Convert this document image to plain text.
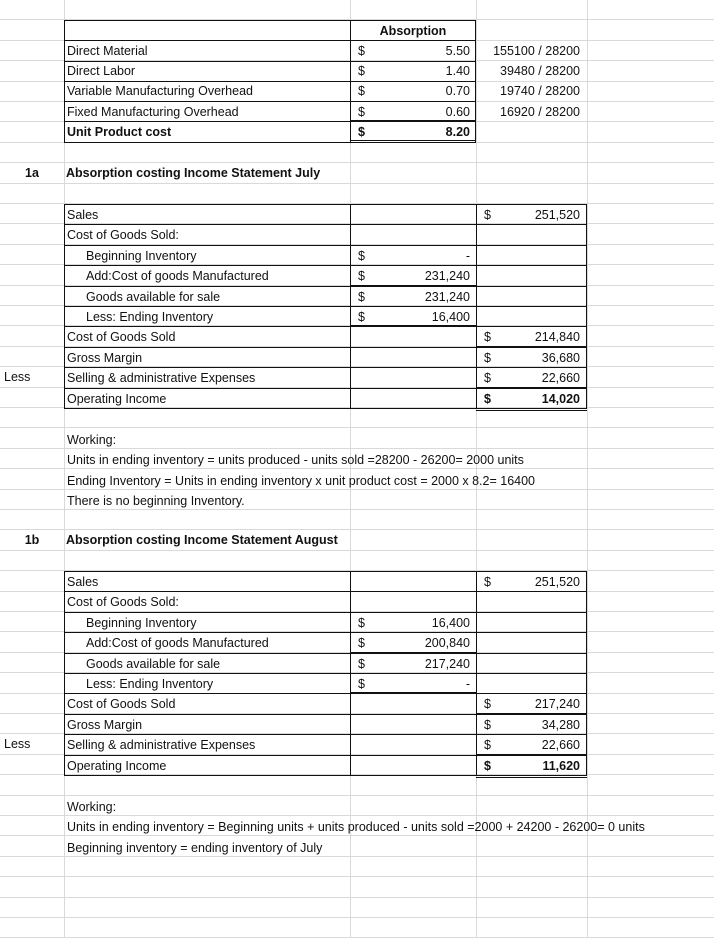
Absorption
Direct Material	$	5.50	155100 / 28200
Direct Labor	$	1.40	39480 / 28200
Variable Manufacturing Overhead	$	0.70	19740 / 28200
Fixed Manufacturing Overhead	$	0.60	16920 / 28200
Unit Product cost	$	8.20
1a	Absorption costing Income Statement July
Less
Sales	$	251,520
Cost of Goods Sold:
Beginning Inventory	$	-
Add:Cost of goods Manufactured	$	231,240
Goods available for sale	$	231,240
Less: Ending Inventory	$	16,400
Cost of Goods Sold	$	214,840
Gross Margin	$	36,680
Selling & administrative Expenses	$	22,660
Operating Income	$	14,020
Working:
Units in ending inventory = units produced - units sold =28200 - 26200= 2000 units
Ending Inventory = Units in ending inventory x unit product cost = 2000 x 8.2= 16400
There is no beginning Inventory.
1b	Absorption costing Income Statement August
Less
Sales	$	251,520
Cost of Goods Sold:
Beginning Inventory	$	16,400
Add:Cost of goods Manufactured	$	200,840
Goods available for sale	$	217,240
Less: Ending Inventory	$	-
Cost of Goods Sold	$	217,240
Gross Margin	$	34,280
Selling & administrative Expenses	$	22,660
Operating Income	$	11,620
Working:
Units in ending inventory = Beginning units + units produced - units sold =2000 + 24200 - 26200= 0 units
Beginning inventory = ending inventory of July
